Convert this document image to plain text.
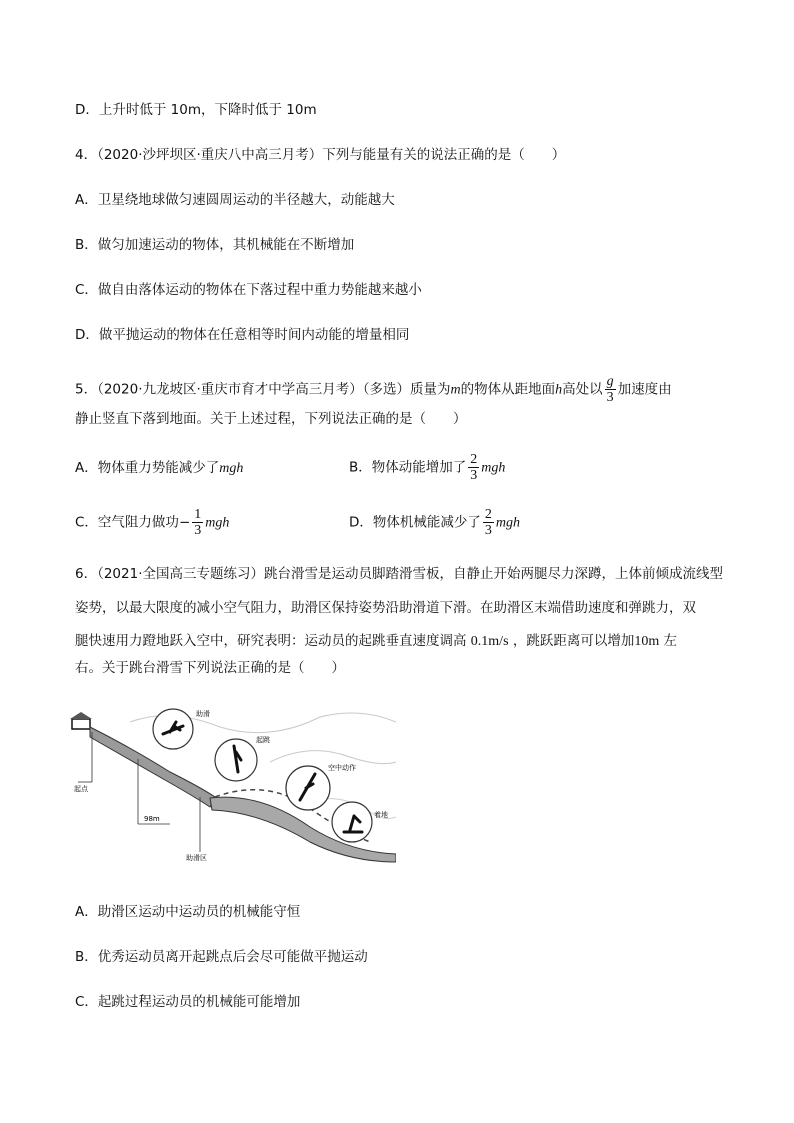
D．上升时低于 10m，下降时低于 10m
4．（2020·沙坪坝区·重庆八中高三月考）下列与能量有关的说法正确的是（　　）
A．卫星绕地球做匀速圆周运动的半径越大，动能越大
B．做匀加速运动的物体，其机械能在不断增加
C．做自由落体运动的物体在下落过程中重力势能越来越小
D．做平抛运动的物体在任意相等时间内动能的增量相同
5．（2020·九龙坡区·重庆市育才中学高三月考）（多选）质量为m的物体从距地面h高处以 $\frac{g}{3}$ 加速度由
静止竖直下落到地面。关于上述过程，下列说法正确的是（　　）
A．物体重力势能减少了mgh	B．物体动能增加了 $\frac{2}{3}$ mgh
C．空气阻力做功− $\frac{1}{3}$ mgh	D．物体机械能减少了 $\frac{2}{3}$ mgh
6．（2021·全国高三专题练习）跳台滑雪是运动员脚踏滑雪板，自静止开始两腿尽力深蹲，上体前倾成流线型
姿势，以最大限度的减小空气阻力，助滑区保持姿势沿助滑道下滑。在助滑区末端借助速度和弹跳力，双
腿快速用力蹬地跃入空中，研究表明：运动员的起跳垂直速度调高 0.1m/s ，跳跃距离可以增加10m 左
右。关于跳台滑雪下列说法正确的是（　　）
助滑
起跳
空中动作
着地
起点
98m
助滑区
A．助滑区运动中运动员的机械能守恒
B．优秀运动员离开起跳点后会尽可能做平抛运动
C．起跳过程运动员的机械能可能增加
